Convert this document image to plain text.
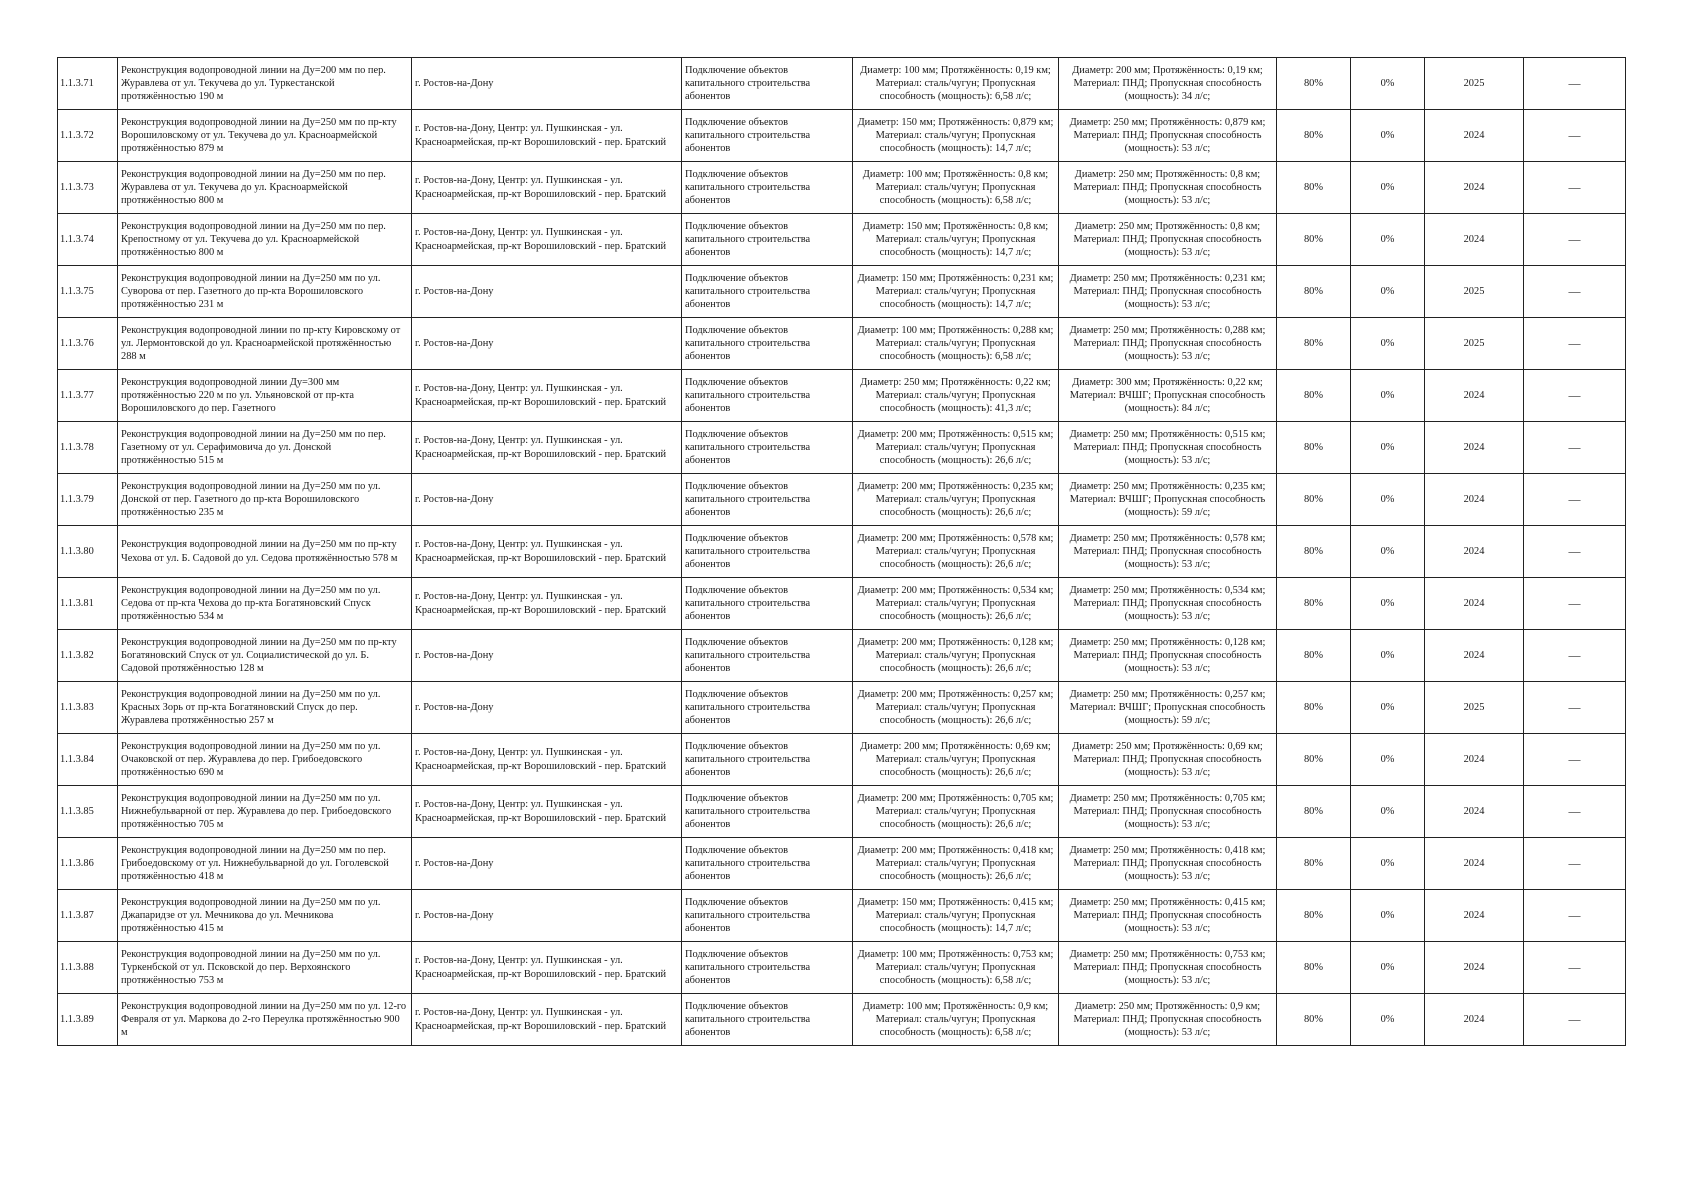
1.1.3.71	Реконструкция водопроводной линии на Ду=200 мм по пер. Журавлева от ул. Текучева до ул. Туркестанской протяжённостью 190 м	г. Ростов-на-Дону	Подключение объектов капитального строительства абонентов	Диаметр: 100 мм; Протяжённость: 0,19 км; Материал: сталь/чугун; Пропускная способность (мощность): 6,58 л/с;	Диаметр: 200 мм; Протяжённость: 0,19 км; Материал: ПНД; Пропускная способность (мощность): 34 л/с;	80%	0%	2025	—
1.1.3.72	Реконструкция водопроводной линии на Ду=250 мм по пр-кту Ворошиловскому от ул. Текучева до ул. Красноармейской протяжённостью 879 м	г. Ростов-на-Дону, Центр: ул. Пушкинская - ул. Красноармейская, пр-кт Ворошиловский - пер. Братский	Подключение объектов капитального строительства абонентов	Диаметр: 150 мм; Протяжённость: 0,879 км; Материал: сталь/чугун; Пропускная способность (мощность): 14,7 л/с;	Диаметр: 250 мм; Протяжённость: 0,879 км; Материал: ПНД; Пропускная способность (мощность): 53 л/с;	80%	0%	2024	—
1.1.3.73	Реконструкция водопроводной линии на Ду=250 мм по пер. Журавлева от ул. Текучева до ул. Красноармейской протяжённостью 800 м	г. Ростов-на-Дону, Центр: ул. Пушкинская - ул. Красноармейская, пр-кт Ворошиловский - пер. Братский	Подключение объектов капитального строительства абонентов	Диаметр: 100 мм; Протяжённость: 0,8 км; Материал: сталь/чугун; Пропускная способность (мощность): 6,58 л/с;	Диаметр: 250 мм; Протяжённость: 0,8 км; Материал: ПНД; Пропускная способность (мощность): 53 л/с;	80%	0%	2024	—
1.1.3.74	Реконструкция водопроводной линии на Ду=250 мм по пер. Крепостному от ул. Текучева до ул. Красноармейской протяжённостью 800 м	г. Ростов-на-Дону, Центр: ул. Пушкинская - ул. Красноармейская, пр-кт Ворошиловский - пер. Братский	Подключение объектов капитального строительства абонентов	Диаметр: 150 мм; Протяжённость: 0,8 км; Материал: сталь/чугун; Пропускная способность (мощность): 14,7 л/с;	Диаметр: 250 мм; Протяжённость: 0,8 км; Материал: ПНД; Пропускная способность (мощность): 53 л/с;	80%	0%	2024	—
1.1.3.75	Реконструкция водопроводной линии на Ду=250 мм по ул. Суворова от пер. Газетного до пр-кта Ворошиловского протяжённостью 231 м	г. Ростов-на-Дону	Подключение объектов капитального строительства абонентов	Диаметр: 150 мм; Протяжённость: 0,231 км; Материал: сталь/чугун; Пропускная способность (мощность): 14,7 л/с;	Диаметр: 250 мм; Протяжённость: 0,231 км; Материал: ПНД; Пропускная способность (мощность): 53 л/с;	80%	0%	2025	—
1.1.3.76	Реконструкция водопроводной линии по пр-кту Кировскому от ул. Лермонтовской до ул. Красноармейской протяжённостью 288 м	г. Ростов-на-Дону	Подключение объектов капитального строительства абонентов	Диаметр: 100 мм; Протяжённость: 0,288 км; Материал: сталь/чугун; Пропускная способность (мощность): 6,58 л/с;	Диаметр: 250 мм; Протяжённость: 0,288 км; Материал: ПНД; Пропускная способность (мощность): 53 л/с;	80%	0%	2025	—
1.1.3.77	Реконструкция водопроводной линии Ду=300 мм протяжённостью 220 м по ул. Ульяновской от пр-кта Ворошиловского до пер. Газетного	г. Ростов-на-Дону, Центр: ул. Пушкинская - ул. Красноармейская, пр-кт Ворошиловский - пер. Братский	Подключение объектов капитального строительства абонентов	Диаметр: 250 мм; Протяжённость: 0,22 км; Материал: сталь/чугун; Пропускная способность (мощность): 41,3 л/с;	Диаметр: 300 мм; Протяжённость: 0,22 км; Материал: ВЧШГ; Пропускная способность (мощность): 84 л/с;	80%	0%	2024	—
1.1.3.78	Реконструкция водопроводной линии на Ду=250 мм по пер. Газетному от ул. Серафимовича до ул. Донской протяжённостью 515 м	г. Ростов-на-Дону, Центр: ул. Пушкинская - ул. Красноармейская, пр-кт Ворошиловский - пер. Братский	Подключение объектов капитального строительства абонентов	Диаметр: 200 мм; Протяжённость: 0,515 км; Материал: сталь/чугун; Пропускная способность (мощность): 26,6 л/с;	Диаметр: 250 мм; Протяжённость: 0,515 км; Материал: ПНД; Пропускная способность (мощность): 53 л/с;	80%	0%	2024	—
1.1.3.79	Реконструкция водопроводной линии на Ду=250 мм по ул. Донской от пер. Газетного до пр-кта Ворошиловского протяжённостью 235 м	г. Ростов-на-Дону	Подключение объектов капитального строительства абонентов	Диаметр: 200 мм; Протяжённость: 0,235 км; Материал: сталь/чугун; Пропускная способность (мощность): 26,6 л/с;	Диаметр: 250 мм; Протяжённость: 0,235 км; Материал: ВЧШГ; Пропускная способность (мощность): 59 л/с;	80%	0%	2024	—
1.1.3.80	Реконструкция водопроводной линии на Ду=250 мм по пр-кту Чехова от ул. Б. Садовой до ул. Седова протяжённостью 578 м	г. Ростов-на-Дону, Центр: ул. Пушкинская - ул. Красноармейская, пр-кт Ворошиловский - пер. Братский	Подключение объектов капитального строительства абонентов	Диаметр: 200 мм; Протяжённость: 0,578 км; Материал: сталь/чугун; Пропускная способность (мощность): 26,6 л/с;	Диаметр: 250 мм; Протяжённость: 0,578 км; Материал: ПНД; Пропускная способность (мощность): 53 л/с;	80%	0%	2024	—
1.1.3.81	Реконструкция водопроводной линии на Ду=250 мм по ул. Седова от пр-кта Чехова до пр-кта Богатяновский Спуск протяжённостью 534 м	г. Ростов-на-Дону, Центр: ул. Пушкинская - ул. Красноармейская, пр-кт Ворошиловский - пер. Братский	Подключение объектов капитального строительства абонентов	Диаметр: 200 мм; Протяжённость: 0,534 км; Материал: сталь/чугун; Пропускная способность (мощность): 26,6 л/с;	Диаметр: 250 мм; Протяжённость: 0,534 км; Материал: ПНД; Пропускная способность (мощность): 53 л/с;	80%	0%	2024	—
1.1.3.82	Реконструкция водопроводной линии на Ду=250 мм по пр-кту Богатяновский Спуск от ул. Социалистической до ул. Б. Садовой протяжённостью 128 м	г. Ростов-на-Дону	Подключение объектов капитального строительства абонентов	Диаметр: 200 мм; Протяжённость: 0,128 км; Материал: сталь/чугун; Пропускная способность (мощность): 26,6 л/с;	Диаметр: 250 мм; Протяжённость: 0,128 км; Материал: ПНД; Пропускная способность (мощность): 53 л/с;	80%	0%	2024	—
1.1.3.83	Реконструкция водопроводной линии на Ду=250 мм по ул. Красных Зорь от пр-кта Богатяновский Спуск до пер. Журавлева протяжённостью 257 м	г. Ростов-на-Дону	Подключение объектов капитального строительства абонентов	Диаметр: 200 мм; Протяжённость: 0,257 км; Материал: сталь/чугун; Пропускная способность (мощность): 26,6 л/с;	Диаметр: 250 мм; Протяжённость: 0,257 км; Материал: ВЧШГ; Пропускная способность (мощность): 59 л/с;	80%	0%	2025	—
1.1.3.84	Реконструкция водопроводной линии на Ду=250 мм по ул. Очаковской от пер. Журавлева до пер. Грибоедовского протяжённостью 690 м	г. Ростов-на-Дону, Центр: ул. Пушкинская - ул. Красноармейская, пр-кт Ворошиловский - пер. Братский	Подключение объектов капитального строительства абонентов	Диаметр: 200 мм; Протяжённость: 0,69 км; Материал: сталь/чугун; Пропускная способность (мощность): 26,6 л/с;	Диаметр: 250 мм; Протяжённость: 0,69 км; Материал: ПНД; Пропускная способность (мощность): 53 л/с;	80%	0%	2024	—
1.1.3.85	Реконструкция водопроводной линии на Ду=250 мм по ул. Нижнебульварной от пер. Журавлева до пер. Грибоедовского протяжённостью 705 м	г. Ростов-на-Дону, Центр: ул. Пушкинская - ул. Красноармейская, пр-кт Ворошиловский - пер. Братский	Подключение объектов капитального строительства абонентов	Диаметр: 200 мм; Протяжённость: 0,705 км; Материал: сталь/чугун; Пропускная способность (мощность): 26,6 л/с;	Диаметр: 250 мм; Протяжённость: 0,705 км; Материал: ПНД; Пропускная способность (мощность): 53 л/с;	80%	0%	2024	—
1.1.3.86	Реконструкция водопроводной линии на Ду=250 мм по пер. Грибоедовскому от ул. Нижнебульварной до ул. Гоголевской протяжённостью 418 м	г. Ростов-на-Дону	Подключение объектов капитального строительства абонентов	Диаметр: 200 мм; Протяжённость: 0,418 км; Материал: сталь/чугун; Пропускная способность (мощность): 26,6 л/с;	Диаметр: 250 мм; Протяжённость: 0,418 км; Материал: ПНД; Пропускная способность (мощность): 53 л/с;	80%	0%	2024	—
1.1.3.87	Реконструкция водопроводной линии на Ду=250 мм по ул. Джапаридзе от ул. Мечникова до ул. Мечникова протяжённостью 415 м	г. Ростов-на-Дону	Подключение объектов капитального строительства абонентов	Диаметр: 150 мм; Протяжённость: 0,415 км; Материал: сталь/чугун; Пропускная способность (мощность): 14,7 л/с;	Диаметр: 250 мм; Протяжённость: 0,415 км; Материал: ПНД; Пропускная способность (мощность): 53 л/с;	80%	0%	2024	—
1.1.3.88	Реконструкция водопроводной линии на Ду=250 мм по ул. Туркенбской от ул. Псковской до пер. Верхоянского протяжённостью 753 м	г. Ростов-на-Дону, Центр: ул. Пушкинская - ул. Красноармейская, пр-кт Ворошиловский - пер. Братский	Подключение объектов капитального строительства абонентов	Диаметр: 100 мм; Протяжённость: 0,753 км; Материал: сталь/чугун; Пропускная способность (мощность): 6,58 л/с;	Диаметр: 250 мм; Протяжённость: 0,753 км; Материал: ПНД; Пропускная способность (мощность): 53 л/с;	80%	0%	2024	—
1.1.3.89	Реконструкция водопроводной линии на Ду=250 мм по ул. 12-го Февраля от ул. Маркова до 2-го Переулка протяжённостью 900 м	г. Ростов-на-Дону, Центр: ул. Пушкинская - ул. Красноармейская, пр-кт Ворошиловский - пер. Братский	Подключение объектов капитального строительства абонентов	Диаметр: 100 мм; Протяжённость: 0,9 км; Материал: сталь/чугун; Пропускная способность (мощность): 6,58 л/с;	Диаметр: 250 мм; Протяжённость: 0,9 км; Материал: ПНД; Пропускная способность (мощность): 53 л/с;	80%	0%	2024	—
